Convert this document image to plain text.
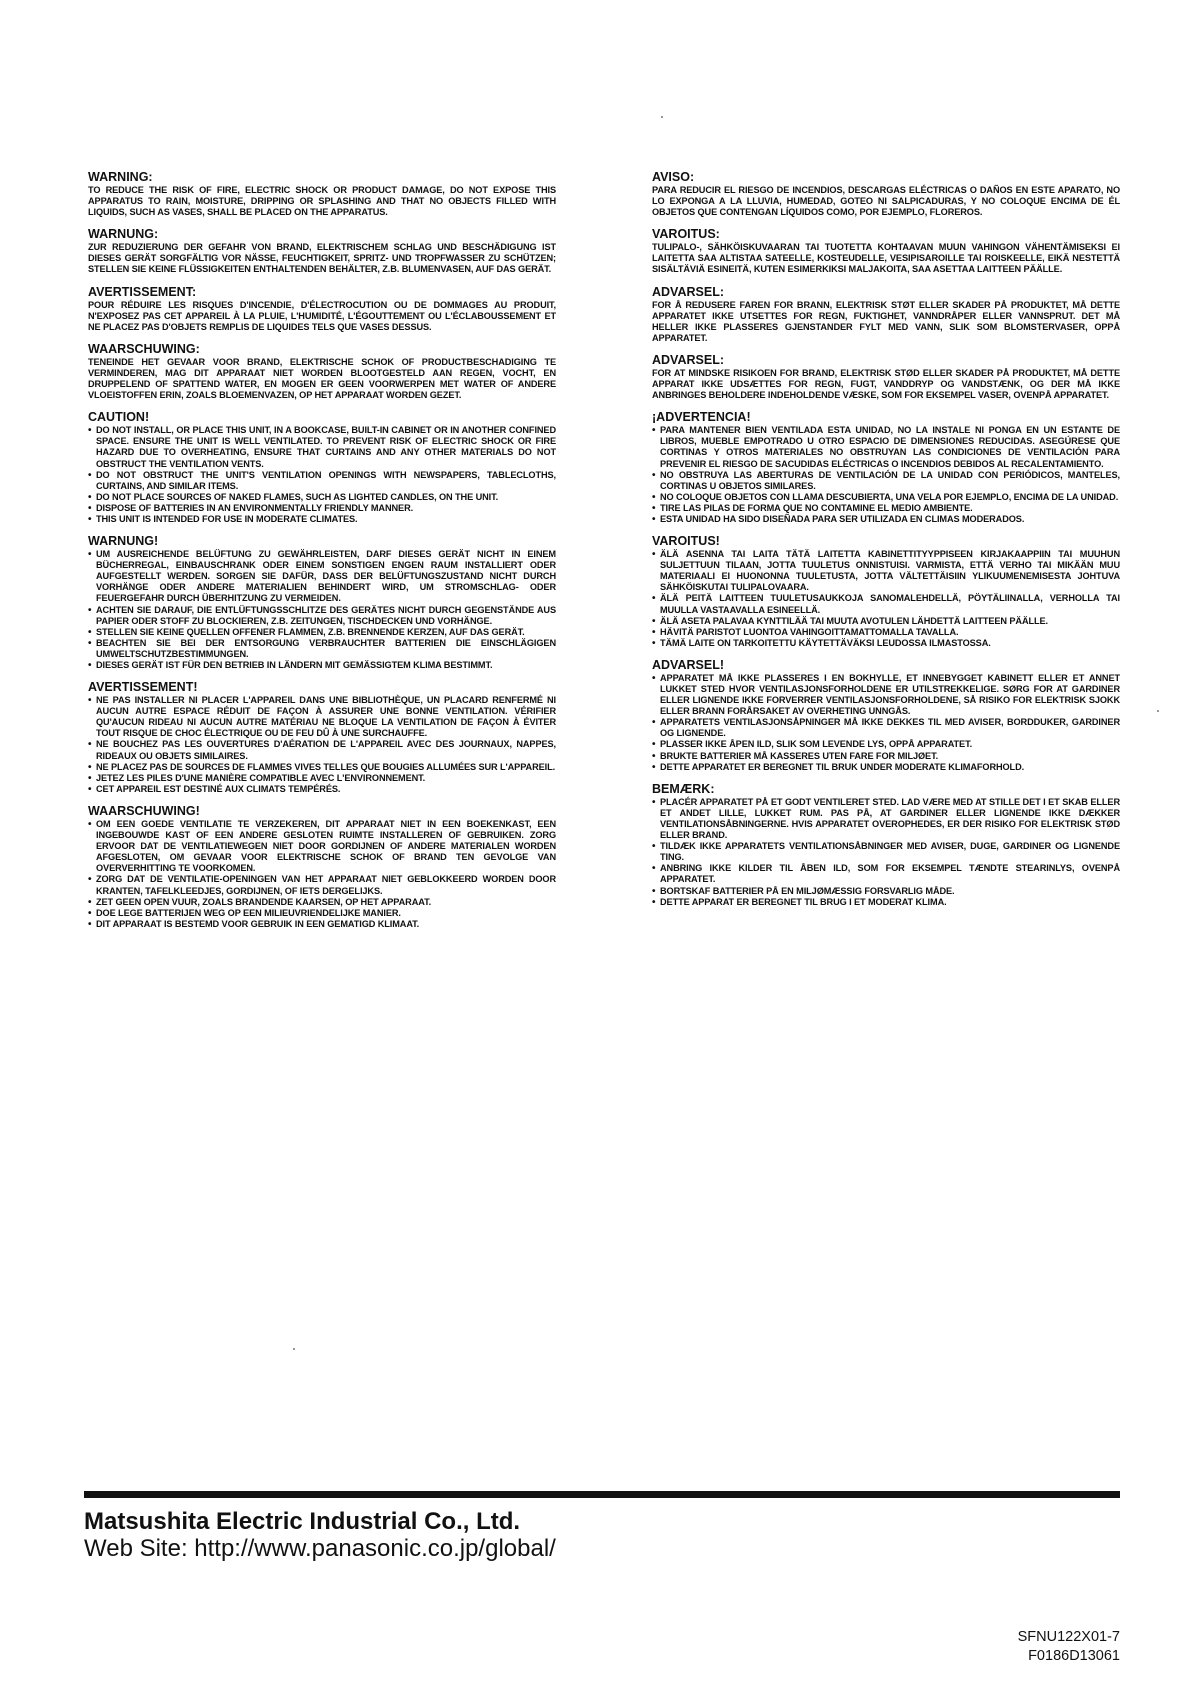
WARNING:
TO REDUCE THE RISK OF FIRE, ELECTRIC SHOCK OR PRODUCT DAMAGE, DO NOT EXPOSE THIS APPARATUS TO RAIN, MOISTURE, DRIPPING OR SPLASHING AND THAT NO OBJECTS FILLED WITH LIQUIDS, SUCH AS VASES, SHALL BE PLACED ON THE APPARATUS.
WARNUNG:
ZUR REDUZIERUNG DER GEFAHR VON BRAND, ELEKTRISCHEM SCHLAG UND BESCHÄDIGUNG IST DIESES GERÄT SORGFÄLTIG VOR NÄSSE, FEUCHTIGKEIT, SPRITZ- UND TROPFWASSER ZU SCHÜTZEN; STELLEN SIE KEINE FLÜSSIGKEITEN ENTHALTENDEN BEHÄLTER, Z.B. BLUMENVASEN, AUF DAS GERÄT.
AVERTISSEMENT:
POUR RÉDUIRE LES RISQUES D'INCENDIE, D'ÉLECTROCUTION OU DE DOMMAGES AU PRODUIT, N'EXPOSEZ PAS CET APPAREIL À LA PLUIE, L'HUMIDITÉ, L'ÉGOUTTEMENT OU L'ÉCLABOUSSEMENT ET NE PLACEZ PAS D'OBJETS REMPLIS DE LIQUIDES TELS QUE VASES DESSUS.
WAARSCHUWING:
TENEINDE HET GEVAAR VOOR BRAND, ELEKTRISCHE SCHOK OF PRODUCTBESCHADIGING TE VERMINDEREN, MAG DIT APPARAAT NIET WORDEN BLOOTGESTELD AAN REGEN, VOCHT, EN DRUPPELEND OF SPATTEND WATER, EN MOGEN ER GEEN VOORWERPEN MET WATER OF ANDERE VLOEISTOFFEN ERIN, ZOALS BLOEMENVAZEN, OP HET APPARAAT WORDEN GEZET.
CAUTION!
• DO NOT INSTALL, OR PLACE THIS UNIT, IN A BOOKCASE, BUILT-IN CABINET OR IN ANOTHER CONFINED SPACE. ENSURE THE UNIT IS WELL VENTILATED. TO PREVENT RISK OF ELECTRIC SHOCK OR FIRE HAZARD DUE TO OVERHEATING, ENSURE THAT CURTAINS AND ANY OTHER MATERIALS DO NOT OBSTRUCT THE VENTILATION VENTS.
• DO NOT OBSTRUCT THE UNIT'S VENTILATION OPENINGS WITH NEWSPAPERS, TABLECLOTHS, CURTAINS, AND SIMILAR ITEMS.
• DO NOT PLACE SOURCES OF NAKED FLAMES, SUCH AS LIGHTED CANDLES, ON THE UNIT.
• DISPOSE OF BATTERIES IN AN ENVIRONMENTALLY FRIENDLY MANNER.
• THIS UNIT IS INTENDED FOR USE IN MODERATE CLIMATES.
WARNUNG!
• UM AUSREICHENDE BELÜFTUNG ZU GEWÄHRLEISTEN, DARF DIESES GERÄT NICHT IN EINEM BÜCHERREGAL, EINBAUSCHRANK ODER EINEM SONSTIGEN ENGEN RAUM INSTALLIERT ODER AUFGESTELLT WERDEN. SORGEN SIE DAFÜR, DASS DER BELÜFTUNGSZUSTAND NICHT DURCH VORHÄNGE ODER ANDERE MATERIALIEN BEHINDERT WIRD, UM STROMSCHLAG- ODER FEUERGEFAHR DURCH ÜBERHITZUNG ZU VERMEIDEN.
• ACHTEN SIE DARAUF, DIE ENTLÜFTUNGSSCHLITZE DES GERÄTES NICHT DURCH GEGENSTÄNDE AUS PAPIER ODER STOFF ZU BLOCKIEREN, Z.B. ZEITUNGEN, TISCHDECKEN UND VORHÄNGE.
• STELLEN SIE KEINE QUELLEN OFFENER FLAMMEN, Z.B. BRENNENDE KERZEN, AUF DAS GERÄT.
• BEACHTEN SIE BEI DER ENTSORGUNG VERBRAUCHTER BATTERIEN DIE EINSCHLÄGIGEN UMWELTSCHUTZBESTIMMUNGEN.
• DIESES GERÄT IST FÜR DEN BETRIEB IN LÄNDERN MIT GEMÄSSIGTEM KLIMA BESTIMMT.
AVERTISSEMENT!
• NE PAS INSTALLER NI PLACER L'APPAREIL DANS UNE BIBLIOTHÈQUE, UN PLACARD RENFERMÉ NI AUCUN AUTRE ESPACE RÉDUIT DE FAÇON À ASSURER UNE BONNE VENTILATION. VÉRIFIER QU'AUCUN RIDEAU NI AUCUN AUTRE MATÉRIAU NE BLOQUE LA VENTILATION DE FAÇON À ÉVITER TOUT RISQUE DE CHOC ÉLECTRIQUE OU DE FEU DÛ À UNE SURCHAUFFE.
• NE BOUCHEZ PAS LES OUVERTURES D'AÉRATION DE L'APPAREIL AVEC DES JOURNAUX, NAPPES, RIDEAUX OU OBJETS SIMILAIRES.
• NE PLACEZ PAS DE SOURCES DE FLAMMES VIVES TELLES QUE BOUGIES ALLUMÉES SUR L'APPAREIL.
• JETEZ LES PILES D'UNE MANIÈRE COMPATIBLE AVEC L'ENVIRONNEMENT.
• CET APPAREIL EST DESTINÉ AUX CLIMATS TEMPÉRÉS.
WAARSCHUWING!
• OM EEN GOEDE VENTILATIE TE VERZEKEREN, DIT APPARAAT NIET IN EEN BOEKENKAST, EEN INGEBOUWDE KAST OF EEN ANDERE GESLOTEN RUIMTE INSTALLEREN OF GEBRUIKEN. ZORG ERVOOR DAT DE VENTILATIEWEGEN NIET DOOR GORDIJNEN OF ANDERE MATERIALEN WORDEN AFGESLOTEN, OM GEVAAR VOOR ELEKTRISCHE SCHOK OF BRAND TEN GEVOLGE VAN OVERVERHITTING TE VOORKOMEN.
• ZORG DAT DE VENTILATIE-OPENINGEN VAN HET APPARAAT NIET GEBLOKKEERD WORDEN DOOR KRANTEN, TAFELKLEEDJES, GORDIJNEN, OF IETS DERGELIJKS.
• ZET GEEN OPEN VUUR, ZOALS BRANDENDE KAARSEN, OP HET APPARAAT.
• DOE LEGE BATTERIJEN WEG OP EEN MILIEUVRIENDELIJKE MANIER.
• DIT APPARAAT IS BESTEMD VOOR GEBRUIK IN EEN GEMATIGD KLIMAAT.
AVISO:
PARA REDUCIR EL RIESGO DE INCENDIOS, DESCARGAS ELÉCTRICAS O DAÑOS EN ESTE APARATO, NO LO EXPONGA A LA LLUVIA, HUMEDAD, GOTEO NI SALPICADURAS, Y NO COLOQUE ENCIMA DE ÉL OBJETOS QUE CONTENGAN LÍQUIDOS COMO, POR EJEMPLO, FLOREROS.
VAROITUS:
TULIPALO-, SÄHKÖISKUVAARAN TAI TUOTETTA KOHTAAVAN MUUN VAHINGON VÄHENTÄMISEKSI EI LAITETTA SAA ALTISTAA SATEELLE, KOSTEUDELLE, VESIPISAROILLE TAI ROISKEELLE, EIKÄ NESTETTÄ SISÄLTÄVIÄ ESINEITÄ, KUTEN ESIMERKIKSI MALJAKOITA, SAA ASETTAA LAITTEEN PÄÄLLE.
ADVARSEL:
FOR Å REDUSERE FAREN FOR BRANN, ELEKTRISK STØT ELLER SKADER PÅ PRODUKTET, MÅ DETTE APPARATET IKKE UTSETTES FOR REGN, FUKTIGHET, VANNDRÅPER ELLER VANNSPRUT. DET MÅ HELLER IKKE PLASSERES GJENSTANDER FYLT MED VANN, SLIK SOM BLOMSTERVASER, OPPÅ APPARATET.
ADVARSEL:
FOR AT MINDSKE RISIKOEN FOR BRAND, ELEKTRISK STØD ELLER SKADER PÅ PRODUKTET, MÅ DETTE APPARAT IKKE UDSÆTTES FOR REGN, FUGT, VANDDRYP OG VANDSTÆNK, OG DER MÅ IKKE ANBRINGES BEHOLDERE INDEHOLDENDE VÆSKE, SOM FOR EKSEMPEL VASER, OVENPÅ APPARATET.
¡ADVERTENCIA!
• PARA MANTENER BIEN VENTILADA ESTA UNIDAD, NO LA INSTALE NI PONGA EN UN ESTANTE DE LIBROS, MUEBLE EMPOTRADO U OTRO ESPACIO DE DIMENSIONES REDUCIDAS. ASEGÚRESE QUE CORTINAS Y OTROS MATERIALES NO OBSTRUYAN LAS CONDICIONES DE VENTILACIÓN PARA PREVENIR EL RIESGO DE SACUDIDAS ELÉCTRICAS O INCENDIOS DEBIDOS AL RECALENTAMIENTO.
• NO OBSTRUYA LAS ABERTURAS DE VENTILACIÓN DE LA UNIDAD CON PERIÓDICOS, MANTELES, CORTINAS U OBJETOS SIMILARES.
• NO COLOQUE OBJETOS CON LLAMA DESCUBIERTA, UNA VELA POR EJEMPLO, ENCIMA DE LA UNIDAD.
• TIRE LAS PILAS DE FORMA QUE NO CONTAMINE EL MEDIO AMBIENTE.
• ESTA UNIDAD HA SIDO DISEÑADA PARA SER UTILIZADA EN CLIMAS MODERADOS.
VAROITUS!
• ÄLÄ ASENNA TAI LAITA TÄTÄ LAITETTA KABINETTITYYPPISEEN KIRJAKAAPPIIN TAI MUUHUN SULJETTUUN TILAAN, JOTTA TUULETUS ONNISTUISI. VARMISTA, ETTÄ VERHO TAI MIKÄÄN MUU MATERIAALI EI HUONONNA TUULETUSTA, JOTTA VÄLTETTÄISIIN YLIKUUMENEMISESTA JOHTUVA SÄHKÖISKUTAI TULIPALOVAARA.
• ÄLÄ PEITÄ LAITTEEN TUULETUSAUKKOJA SANOMALEHDELLÄ, PÖYTÄLIINALLA, VERHOLLA TAI MUULLA VASTAAVALLA ESINEELLÄ.
• ÄLÄ ASETA PALAVAA KYNTTILÄÄ TAI MUUTA AVOTULEN LÄHDETTÄ LAITTEEN PÄÄLLE.
• HÄVITÄ PARISTOT LUONTOA VAHINGOITTAMATTOMALLA TAVALLA.
• TÄMÄ LAITE ON TARKOITETTU KÄYTETTÄVÄKSI LEUDOSSA ILMASTOSSA.
ADVARSEL!
• APPARATET MÅ IKKE PLASSERES I EN BOKHYLLE, ET INNEBYGGET KABINETT ELLER ET ANNET LUKKET STED HVOR VENTILASJONSFORHOLDENE ER UTILSTREKKELIGE. SØRG FOR AT GARDINER ELLER LIGNENDE IKKE FORVERRER VENTILASJONSFORHOLDENE, SÅ RISIKO FOR ELEKTRISK SJOKK ELLER BRANN FORÅRSAKET AV OVERHETING UNNGÅS.
• APPARATETS VENTILASJONSÅPNINGER MÅ IKKE DEKKES TIL MED AVISER, BORDDUKER, GARDINER OG LIGNENDE.
• PLASSER IKKE ÅPEN ILD, SLIK SOM LEVENDE LYS, OPPÅ APPARATET.
• BRUKTE BATTERIER MÅ KASSERES UTEN FARE FOR MILJØET.
• DETTE APPARATET ER BEREGNET TIL BRUK UNDER MODERATE KLIMAFORHOLD.
BEMÆRK:
• PLACÉR APPARATET PÅ ET GODT VENTILERET STED. LAD VÆRE MED AT STILLE DET I ET SKAB ELLER ET ANDET LILLE, LUKKET RUM. PAS PÅ, AT GARDINER ELLER LIGNENDE IKKE DÆKKER VENTILATIONSÅBNINGERNE. HVIS APPARATET OVEROPHEDES, ER DER RISIKO FOR ELEKTRISK STØD ELLER BRAND.
• TILDÆK IKKE APPARATETS VENTILATIONSÅBNINGER MED AVISER, DUGE, GARDINER OG LIGNENDE TING.
• ANBRING IKKE KILDER TIL ÅBEN ILD, SOM FOR EKSEMPEL TÆNDTE STEARINLYS, OVENPÅ APPARATET.
• BORTSKAF BATTERIER PÅ EN MILJØMÆSSIG FORSVARLIG MÅDE.
• DETTE APPARAT ER BEREGNET TIL BRUG I ET MODERAT KLIMA.
Matsushita Electric Industrial Co., Ltd.
Web Site: http://www.panasonic.co.jp/global/
SFNU122X01-7
F0186D13061
